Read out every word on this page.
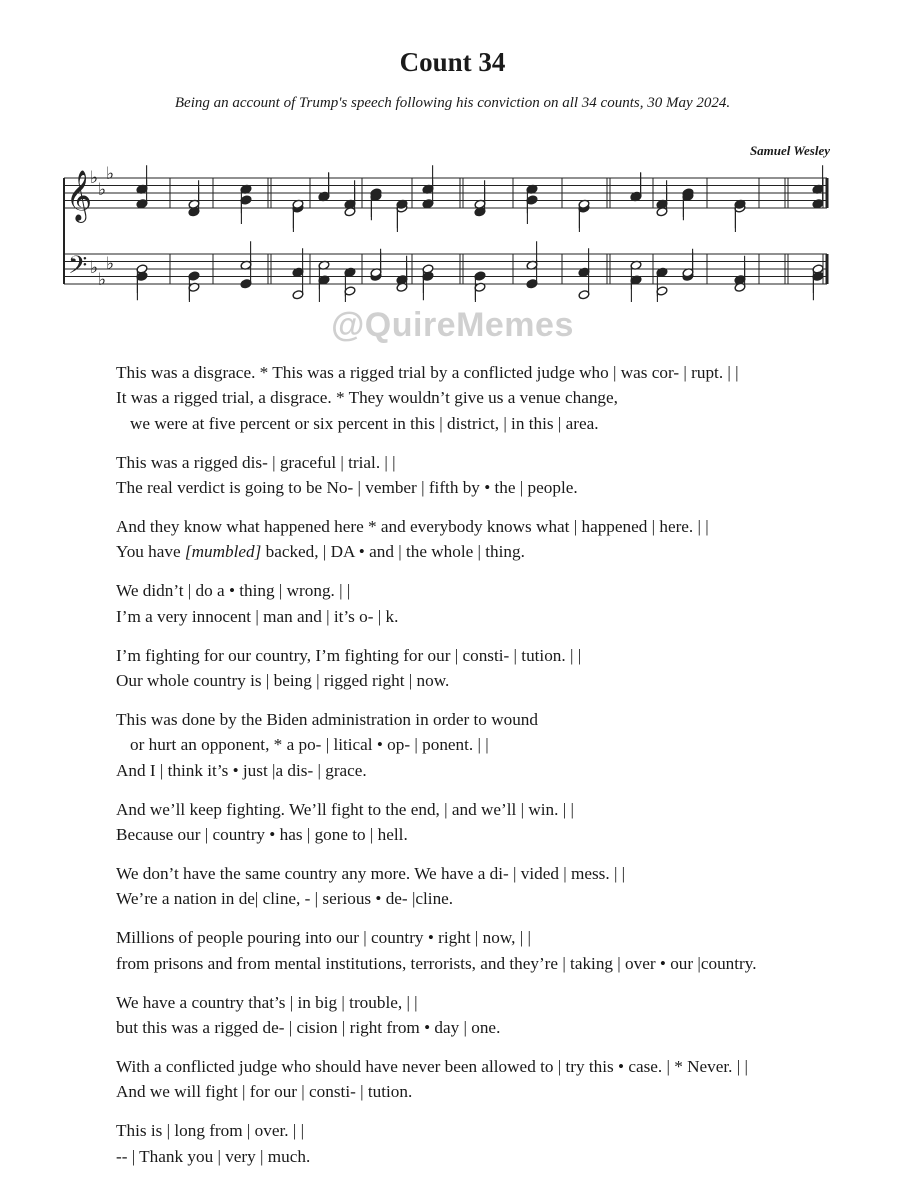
Count 34
Being an account of Trump's speech following his conviction on all 34 counts, 30 May 2024.
Samuel Wesley
𝄞
𝄢
♭
♭
♭
♭
♭
♭
@QuireMemes
This was a disgrace. * This was a rigged trial by a conflicted judge who | was cor- | rupt. | |
It was a rigged trial, a disgrace. * They wouldn’t give us a venue change,
we were at five percent or six percent in this | district, | in this | area.
This was a rigged dis- | graceful | trial. | |
The real verdict is going to be No- | vember | fifth by • the | people.
And they know what happened here * and everybody knows what | happened | here. | |
You have [mumbled] backed, | DA • and | the whole | thing.
We didn’t | do a • thing | wrong. | |
I’m a very innocent | man and | it’s o- | k.
I’m fighting for our country, I’m fighting for our | consti- | tution. | |
Our whole country is | being | rigged right | now.
This was done by the Biden administration in order to wound
or hurt an opponent, * a po- | litical • op- | ponent. | |
And I | think it’s • just |a dis- | grace.
And we’ll keep fighting. We’ll fight to the end, | and we’ll | win. | |
Because our | country • has | gone to | hell.
We don’t have the same country any more. We have a di- | vided | mess. | |
We’re a nation in de| cline, - | serious • de- |cline.
Millions of people pouring into our | country • right | now, | |
from prisons and from mental institutions, terrorists, and they’re | taking | over • our |country.
We have a country that’s | in big | trouble, | |
but this was a rigged de- | cision | right from • day | one.
With a conflicted judge who should have never been allowed to | try this • case. | * Never. | |
And we will fight | for our | consti- | tution.
This is | long from | over. | |
-- | Thank you | very | much.
